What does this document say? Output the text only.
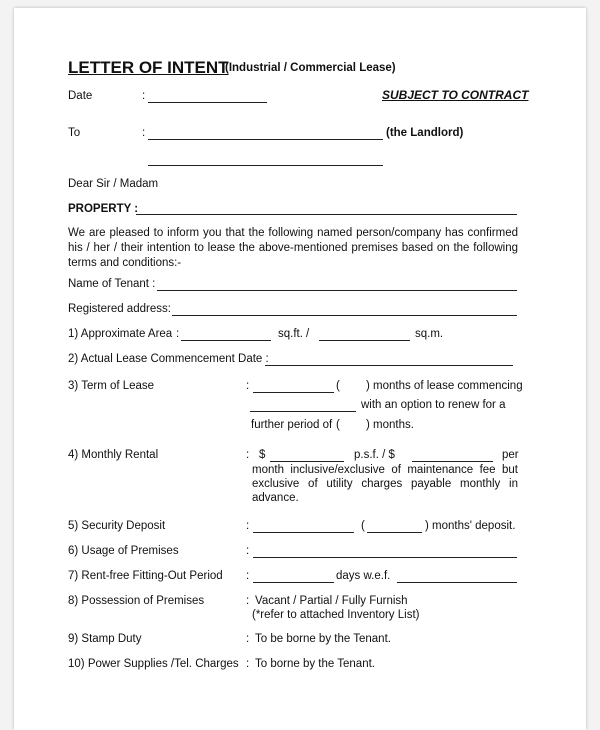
LETTER OF INTENT
(Industrial / Commercial Lease)
Date	:	SUBJECT TO CONTRACT
To	:	(the Landlord)
Dear Sir / Madam
PROPERTY :
We are pleased to inform you that the following named person/company has confirmed his / her / their intention to lease the above-mentioned premises based on the following terms and conditions:-
Name of Tenant :
Registered address:
1) Approximate Area :	sq.ft. /	sq.m.
2) Actual Lease Commencement Date :
3) Term of Lease	:	( ) months of lease commencing
with an option to renew for a
further period of ( ) months.
4) Monthly Rental	: $	p.s.f. / $	per
month inclusive/exclusive of maintenance fee but
exclusive of utility charges payable monthly in
advance.
5) Security Deposit	:	(	) months' deposit.
6) Usage of Premises	:
7) Rent-free Fitting-Out Period :	days w.e.f.
8) Possession of Premises	: Vacant / Partial / Fully Furnish
(*refer to attached Inventory List)
9) Stamp Duty	: To be borne by the Tenant.
10) Power Supplies /Tel. Charges : To borne by the Tenant.
